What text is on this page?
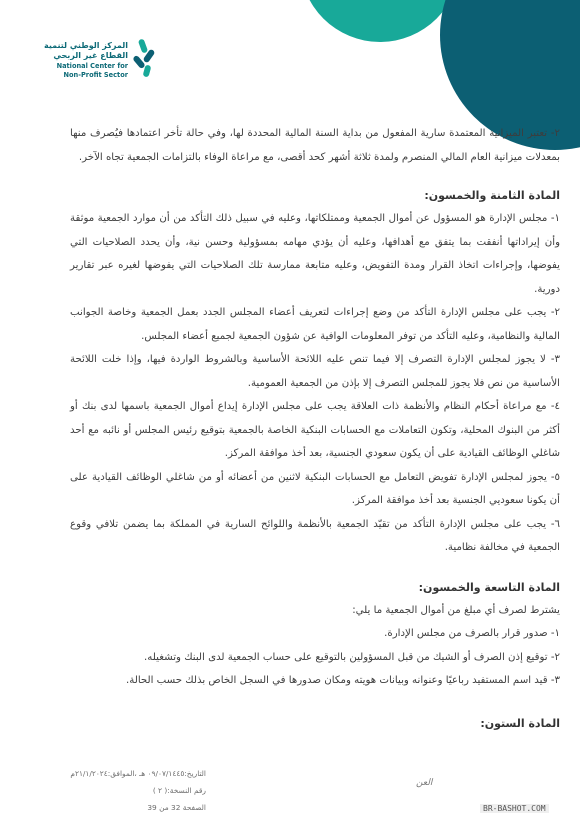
المركز الوطني لتنمية
القطاع غير الربحي
National Center for
Non-Profit Sector

٢- تعتبر الميزانية المعتمدة سارية المفعول من بداية السنة المالية المحددة لها، وفي حالة تأخر اعتمادها فيُصرف منها بمعدلات ميزانية العام المالي المنصرم ولمدة ثلاثة أشهر كحد أقصى، مع مراعاة الوفاء بالتزامات الجمعية تجاه الآخر.

المادة الثامنة والخمسون:

١- مجلس الإدارة هو المسؤول عن أموال الجمعية وممتلكاتها، وعليه في سبيل ذلك التأكد من أن موارد الجمعية موثقة وأن إيراداتها أنفقت بما يتفق مع أهدافها، وعليه أن يؤدي مهامه بمسؤولية وحسن نية، وأن يحدد الصلاحيات التي يفوضها، وإجراءات اتخاذ القرار ومدة التفويض، وعليه متابعة ممارسة تلك الصلاحيات التي يفوضها لغيره عبر تقارير دورية.

٢- يجب على مجلس الإدارة التأكد من وضع إجراءات لتعريف أعضاء المجلس الجدد بعمل الجمعية وخاصة الجوانب المالية والنظامية، وعليه التأكد من توفر المعلومات الوافية عن شؤون الجمعية لجميع أعضاء المجلس.

٣- لا يجوز لمجلس الإدارة التصرف إلا فيما تنص عليه اللائحة الأساسية وبالشروط الواردة فيها، وإذا خلت اللائحة الأساسية من نص فلا يجوز للمجلس التصرف إلا بإذن من الجمعية العمومية.

٤- مع مراعاة أحكام النظام والأنظمة ذات العلاقة يجب على مجلس الإدارة إيداع أموال الجمعية باسمها لدى بنك أو أكثر من البنوك المحلية، وتكون التعاملات مع الحسابات البنكية الخاصة بالجمعية بتوقيع رئيس المجلس أو نائبه مع أحد شاغلي الوظائف القيادية على أن يكون سعودي الجنسية، بعد أخذ موافقة المركز.

٥- يجوز لمجلس الإدارة تفويض التعامل مع الحسابات البنكية لاثنين من أعضائه أو من شاغلي الوظائف القيادية على أن يكونا سعوديي الجنسية بعد أخذ موافقة المركز.

٦- يجب على مجلس الإدارة التأكد من تقيّد الجمعية بالأنظمة واللوائح السارية في المملكة بما يضمن تلافي وقوع الجمعية في مخالفة نظامية.

المادة التاسعة والخمسون:

يشترط لصرف أي مبلغ من أموال الجمعية ما يلي:

١- صدور قرار بالصرف من مجلس الإدارة.

٢- توقيع إذن الصرف أو الشيك من قبل المسؤولين بالتوقيع على حساب الجمعية لدى البنك وتشغيله.

٣- قيد اسم المستفيد رباعيًا وعنوانه وبيانات هويته ومكان صدورها في السجل الخاص بذلك حسب الحالة.

المادة الستون:
التاريخ:٠٩/٠٧/١٤٤٥ هـ ،الموافق:٢١/١/٢٠٢٤م
رقم النسخة:( ٢ )
الصفحة 32 من 39
العن
BR-BASHOT.COM
